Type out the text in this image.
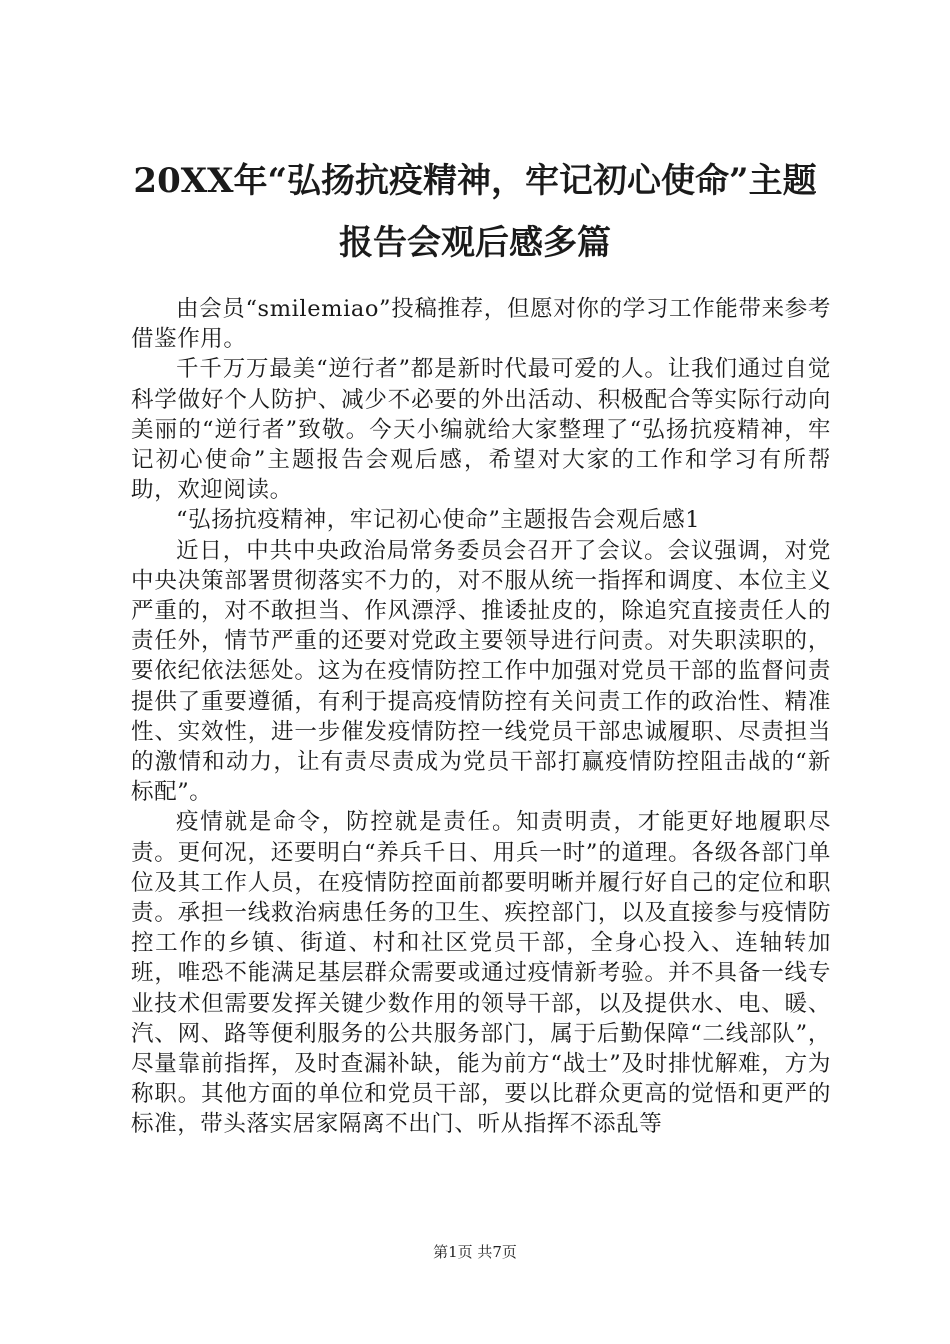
20XX年“弘扬抗疫精神，牢记初心使命”主题报告会观后感多篇

由会员“smilemiao”投稿推荐，但愿对你的学习工作能带来参考借鉴作用。

千千万万最美“逆行者”都是新时代最可爱的人。让我们通过自觉科学做好个人防护、减少不必要的外出活动、积极配合等实际行动向美丽的“逆行者”致敬。今天小编就给大家整理了“弘扬抗疫精神，牢记初心使命”主题报告会观后感，希望对大家的工作和学习有所帮助，欢迎阅读。

“弘扬抗疫精神，牢记初心使命”主题报告会观后感1

近日，中共中央政治局常务委员会召开了会议。会议强调，对党中央决策部署贯彻落实不力的，对不服从统一指挥和调度、本位主义严重的，对不敢担当、作风漂浮、推诿扯皮的，除追究直接责任人的责任外，情节严重的还要对党政主要领导进行问责。对失职渎职的，要依纪依法惩处。这为在疫情防控工作中加强对党员干部的监督问责提供了重要遵循，有利于提高疫情防控有关问责工作的政治性、精准性、实效性，进一步催发疫情防控一线党员干部忠诚履职、尽责担当的激情和动力，让有责尽责成为党员干部打赢疫情防控阻击战的“新标配”。

疫情就是命令，防控就是责任。知责明责，才能更好地履职尽责。更何况，还要明白“养兵千日、用兵一时”的道理。各级各部门单位及其工作人员，在疫情防控面前都要明晰并履行好自己的定位和职责。承担一线救治病患任务的卫生、疾控部门，以及直接参与疫情防控工作的乡镇、街道、村和社区党员干部，全身心投入、连轴转加班，唯恐不能满足基层群众需要或通过疫情新考验。并不具备一线专业技术但需要发挥关键少数作用的领导干部，以及提供水、电、暖、汽、网、路等便利服务的公共服务部门，属于后勤保障“二线部队”，尽量靠前指挥，及时查漏补缺，能为前方“战士”及时排忧解难，方为称职。其他方面的单位和党员干部，要以比群众更高的觉悟和更严的标准，带头落实居家隔离不出门、听从指挥不添乱等

第1页 共7页
